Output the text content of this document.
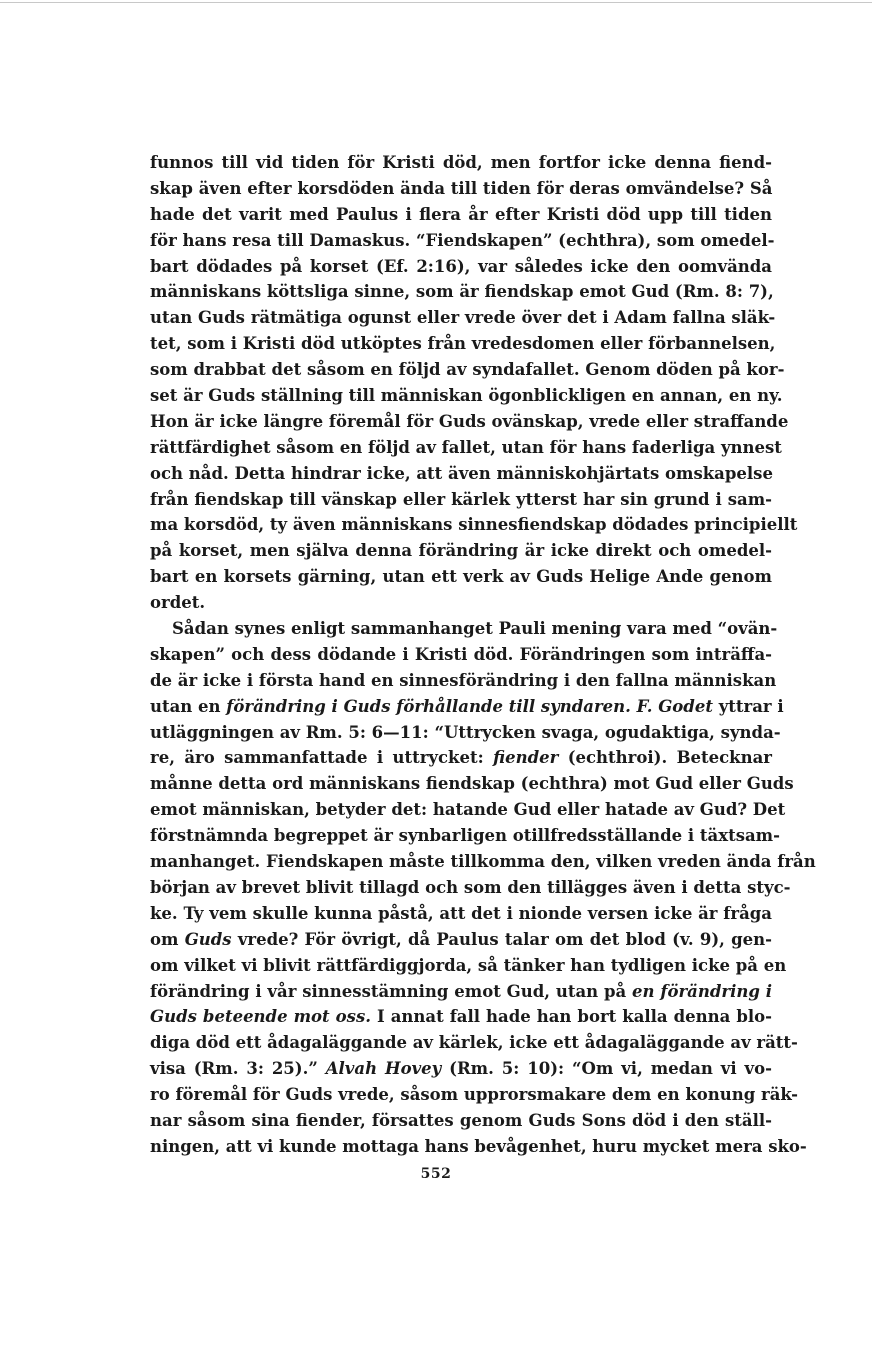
funnos till vid tiden för Kristi död, men fortfor icke denna fiend-
skap även efter korsdöden ända till tiden för deras omvändelse? Så
hade det varit med Paulus i flera år efter Kristi död upp till tiden
för hans resa till Damaskus. “Fiendskapen” (echthra), som omedel-
bart dödades på korset (Ef. 2:16), var således icke den oomvända
människans köttsliga sinne, som är fiendskap emot Gud (Rm. 8: 7),
utan Guds rätmätiga ogunst eller vrede över det i Adam fallna släk-
tet, som i Kristi död utköptes från vredesdomen eller förbannelsen,
som drabbat det såsom en följd av syndafallet. Genom döden på kor-
set är Guds ställning till människan ögonblickligen en annan, en ny.
Hon är icke längre föremål för Guds ovänskap, vrede eller straffande
rättfärdighet såsom en följd av fallet, utan för hans faderliga ynnest
och nåd. Detta hindrar icke, att även människohjärtats omskapelse
från fiendskap till vänskap eller kärlek ytterst har sin grund i sam-
ma korsdöd, ty även människans sinnesfiendskap dödades principiellt
på korset, men själva denna förändring är icke direkt och omedel-
bart en korsets gärning, utan ett verk av Guds Helige Ande genom
ordet.
Sådan synes enligt sammanhanget Pauli mening vara med “ovän-
skapen” och dess dödande i Kristi död. Förändringen som inträffa-
de är icke i första hand en sinnesförändring i den fallna människan
utan en förändring i Guds förhållande till syndaren. F. Godet yttrar i
utläggningen av Rm. 5: 6—11: “Uttrycken svaga, ogudaktiga, synda-
re, äro sammanfattade i uttrycket: fiender (echthroi). Betecknar
månne detta ord människans fiendskap (echthra) mot Gud eller Guds
emot människan, betyder det: hatande Gud eller hatade av Gud? Det
förstnämnda begreppet är synbarligen otillfredsställande i täxtsam-
manhanget. Fiendskapen måste tillkomma den, vilken vreden ända från
början av brevet blivit tillagd och som den tillägges även i detta styc-
ke. Ty vem skulle kunna påstå, att det i nionde versen icke är fråga
om Guds vrede? För övrigt, då Paulus talar om det blod (v. 9), gen-
om vilket vi blivit rättfärdiggjorda, så tänker han tydligen icke på en
förändring i vår sinnesstämning emot Gud, utan på en förändring i
Guds beteende mot oss. I annat fall hade han bort kalla denna blo-
diga död ett ådagaläggande av kärlek, icke ett ådagaläggande av rätt-
visa (Rm. 3: 25).” Alvah Hovey (Rm. 5: 10): “Om vi, medan vi vo-
ro föremål för Guds vrede, såsom upprorsmakare dem en konung räk-
nar såsom sina fiender, försattes genom Guds Sons död i den ställ-
ningen, att vi kunde mottaga hans bevågenhet, huru mycket mera sko-
552
